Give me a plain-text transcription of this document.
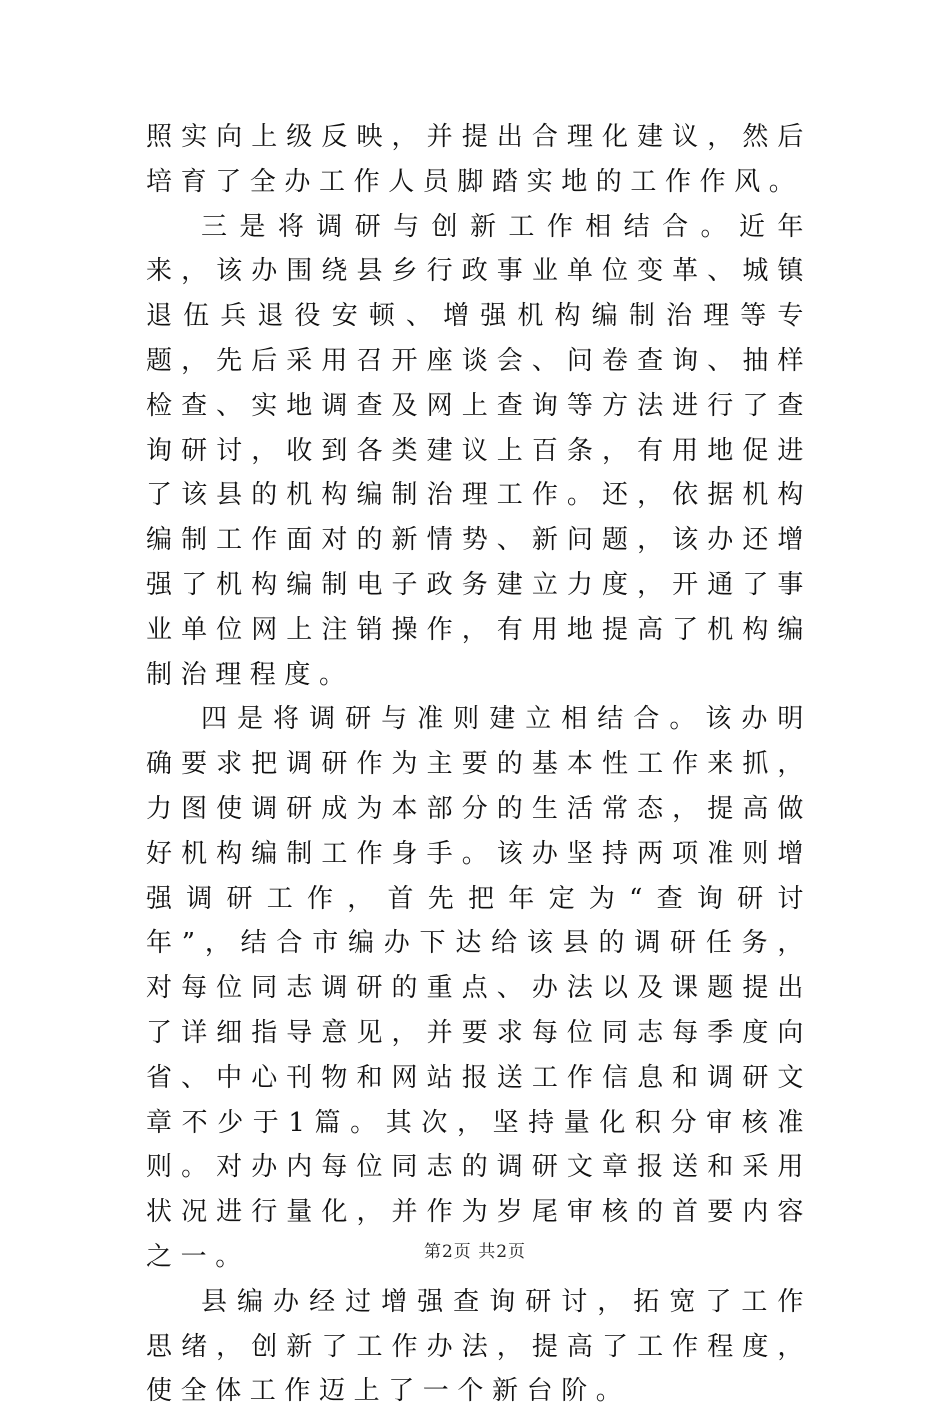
照实向上级反映，并提出合理化建议，然后培育了全办工作人员脚踏实地的工作作风。

三是将调研与创新工作相结合。近年来，该办围绕县乡行政事业单位变革、城镇退伍兵退役安顿、增强机构编制治理等专题，先后采用召开座谈会、问卷查询、抽样检查、实地调查及网上查询等方法进行了查询研讨，收到各类建议上百条，有用地促进了该县的机构编制治理工作。还，依据机构编制工作面对的新情势、新问题，该办还增强了机构编制电子政务建立力度，开通了事业单位网上注销操作，有用地提高了机构编制治理程度。

四是将调研与准则建立相结合。该办明确要求把调研作为主要的基本性工作来抓，力图使调研成为本部分的生活常态，提高做好机构编制工作身手。该办坚持两项准则增强调研工作，首先把年定为“查询研讨年”，结合市编办下达给该县的调研任务，对每位同志调研的重点、办法以及课题提出了详细指导意见，并要求每位同志每季度向省、中心刊物和网站报送工作信息和调研文章不少于1篇。其次，坚持量化积分审核准则。对办内每位同志的调研文章报送和采用状况进行量化，并作为岁尾审核的首要内容之一。

县编办经过增强查询研讨，拓宽了工作思绪，创新了工作办法，提高了工作程度，使全体工作迈上了一个新台阶。

第2页 共2页
